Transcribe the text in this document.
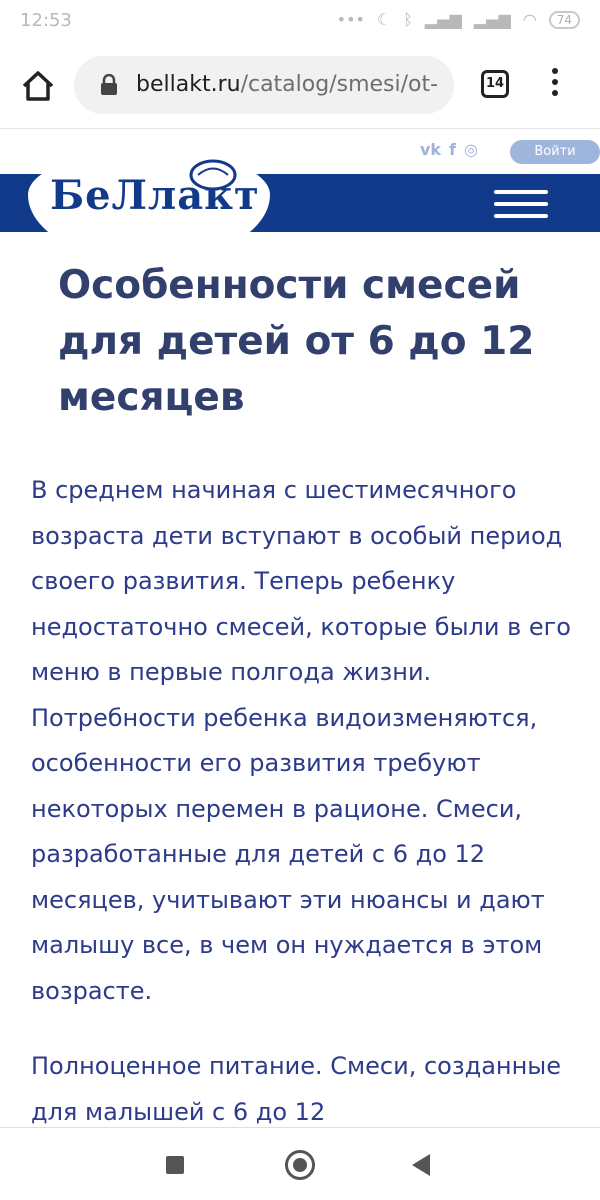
12:53	••• ☾ ᛒ ▂▄▆ ▂▄▆ ◠	74
bellakt.ru/catalog/smesi/ot-	14
vk f ◎	Войти
БеЛлакт
Особенности смесей для детей от 6 до 12 месяцев

В среднем начиная с шестимесячного возраста дети вступают в особый период своего развития. Теперь ребенку недостаточно смесей, которые были в его меню в первые полгода жизни. Потребности ребенка видоизменяются, особенности его развития требуют некоторых перемен в рационе. Смеси, разработанные для детей с 6 до 12 месяцев, учитывают эти нюансы и дают малышу все, в чем он нуждается в этом возрасте.

Полноценное питание. Смеси, созданные для малышей с 6 до 12
